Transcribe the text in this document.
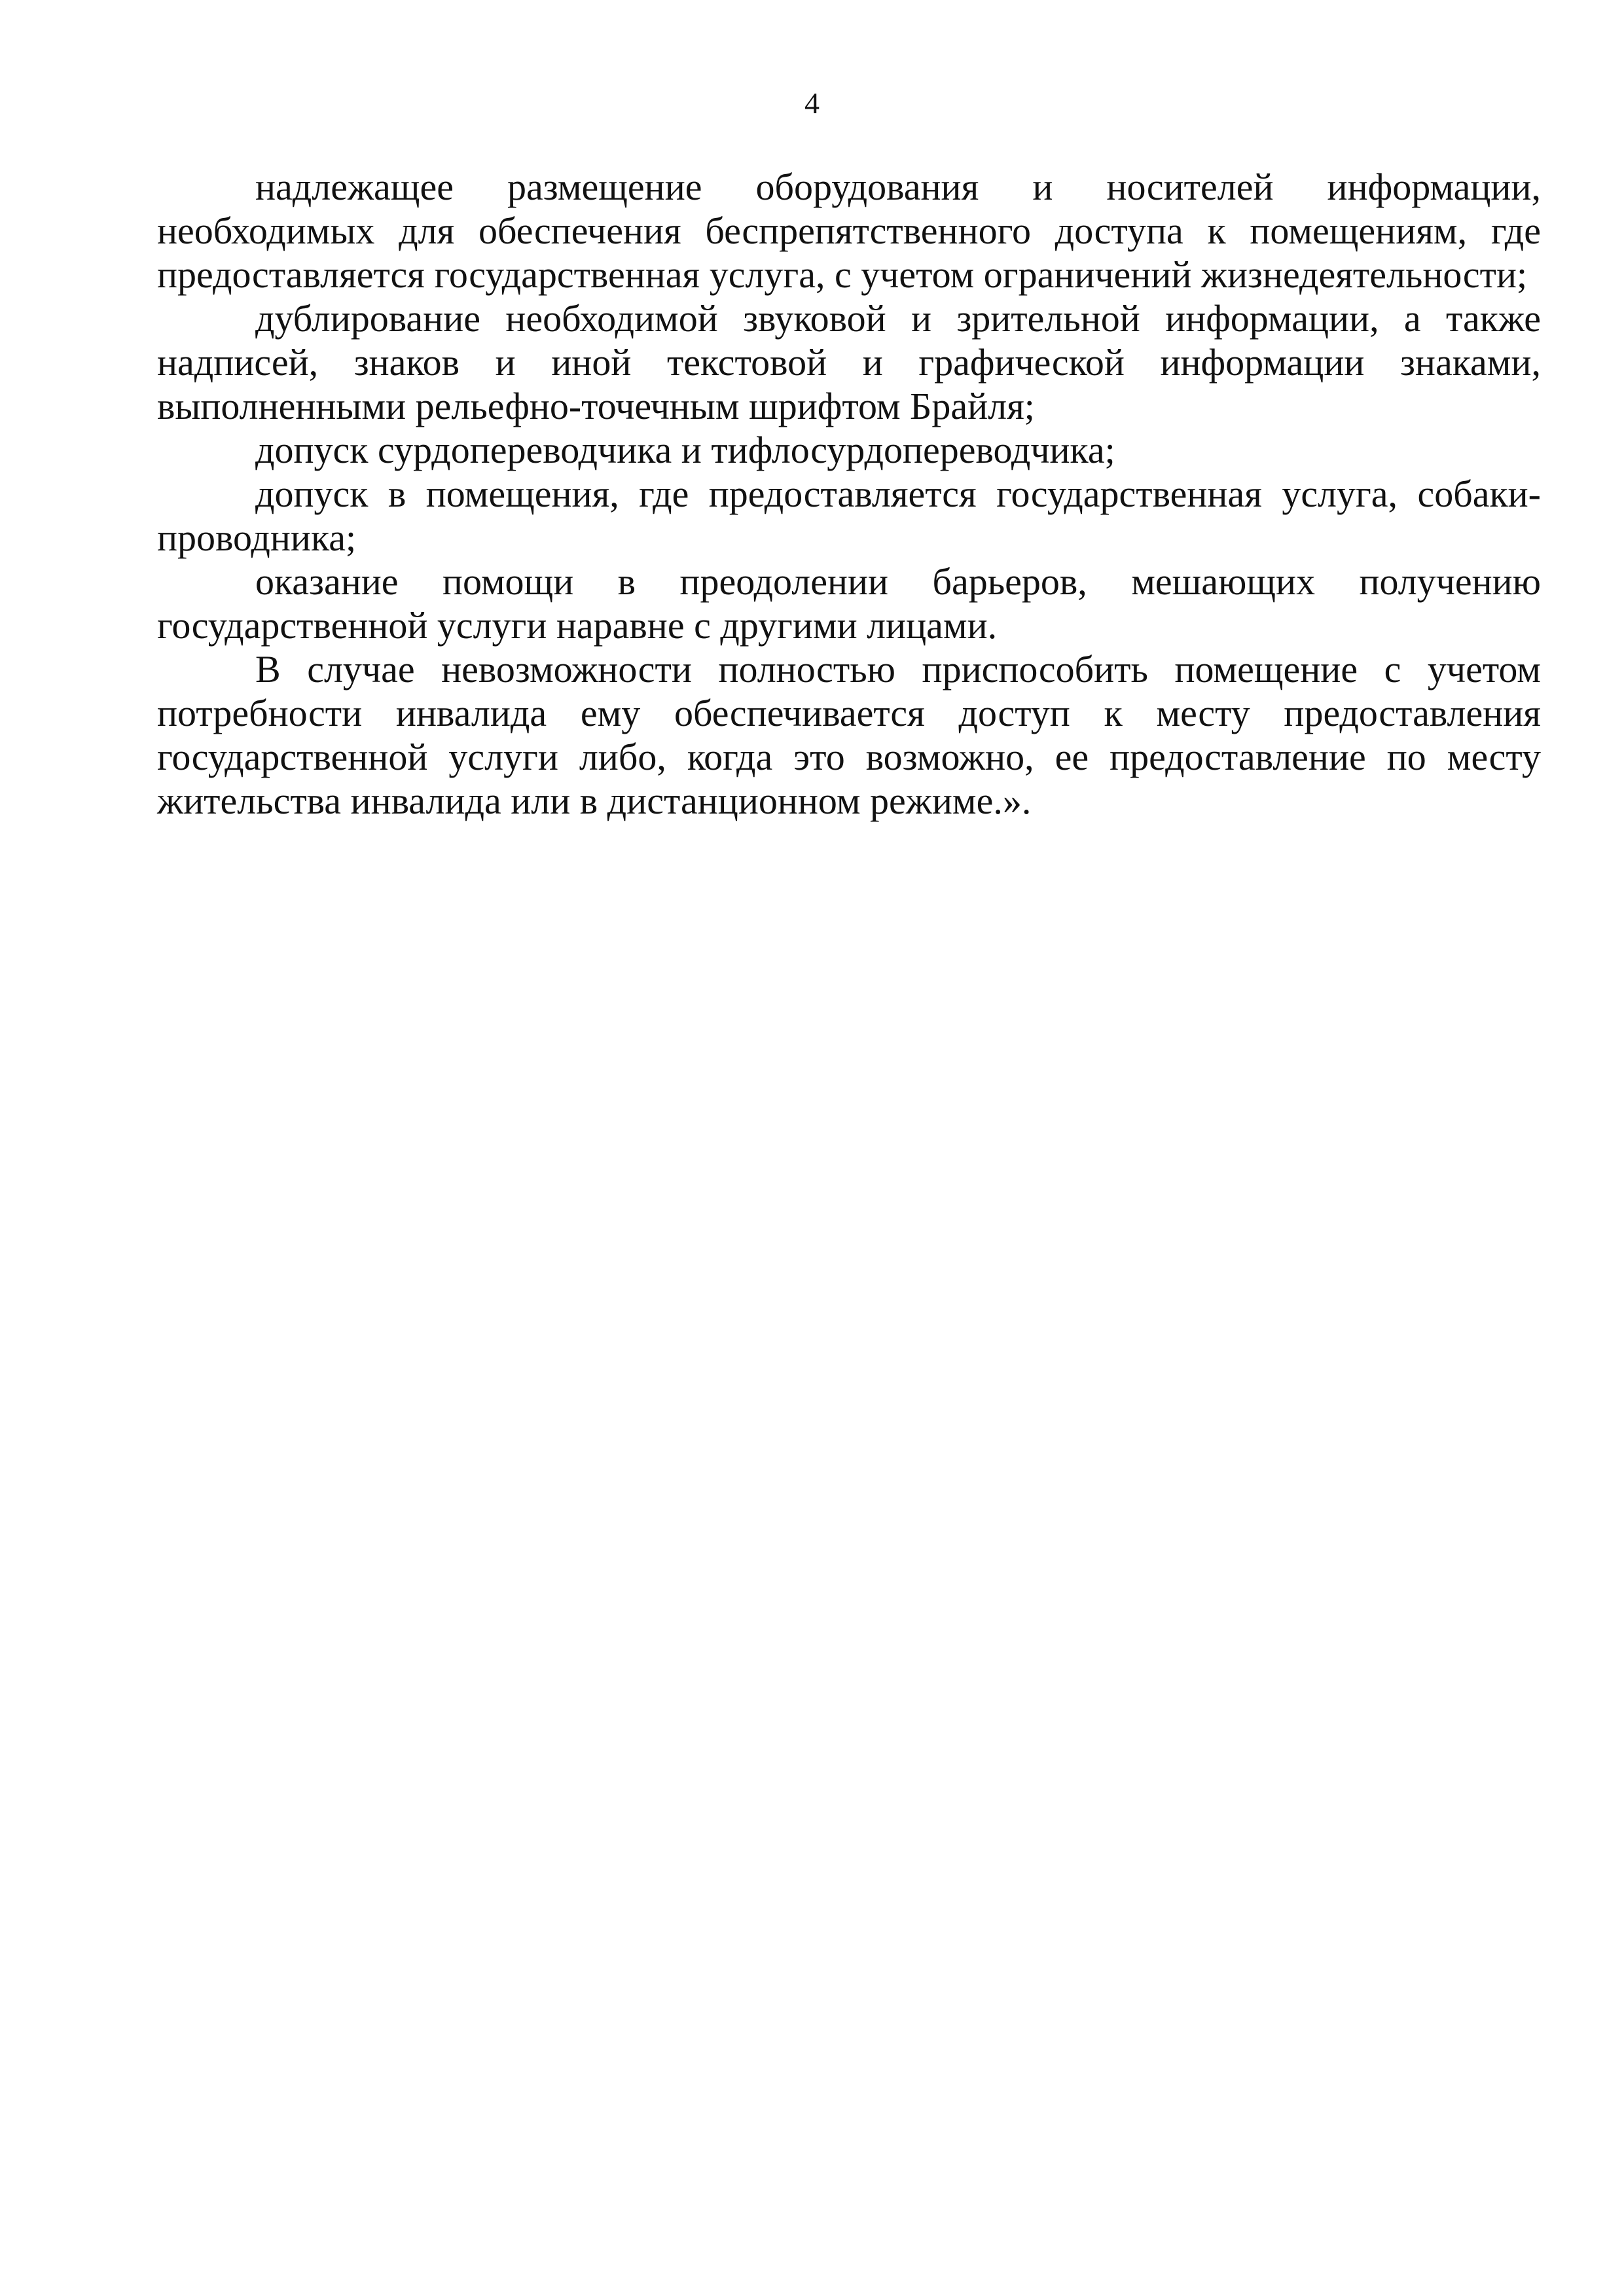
4

надлежащее размещение оборудования и носителей информации, необходимых для обеспечения беспрепятственного доступа к помещениям, где предоставляется государственная услуга, с учетом ограничений жизнедеятельности;

дублирование необходимой звуковой и зрительной информации, а также надписей, знаков и иной текстовой и графической информации знаками, выполненными рельефно-точечным шрифтом Брайля;

допуск сурдопереводчика и тифлосурдопереводчика;

допуск в помещения, где предоставляется государственная услуга, собаки-проводника;

оказание помощи в преодолении барьеров, мешающих получению государственной услуги наравне с другими лицами.

В случае невозможности полностью приспособить помещение с учетом потребности инвалида ему обеспечивается доступ к месту предоставления государственной услуги либо, когда это возможно, ее предоставление по месту жительства инвалида или в дистанционном режиме.».
